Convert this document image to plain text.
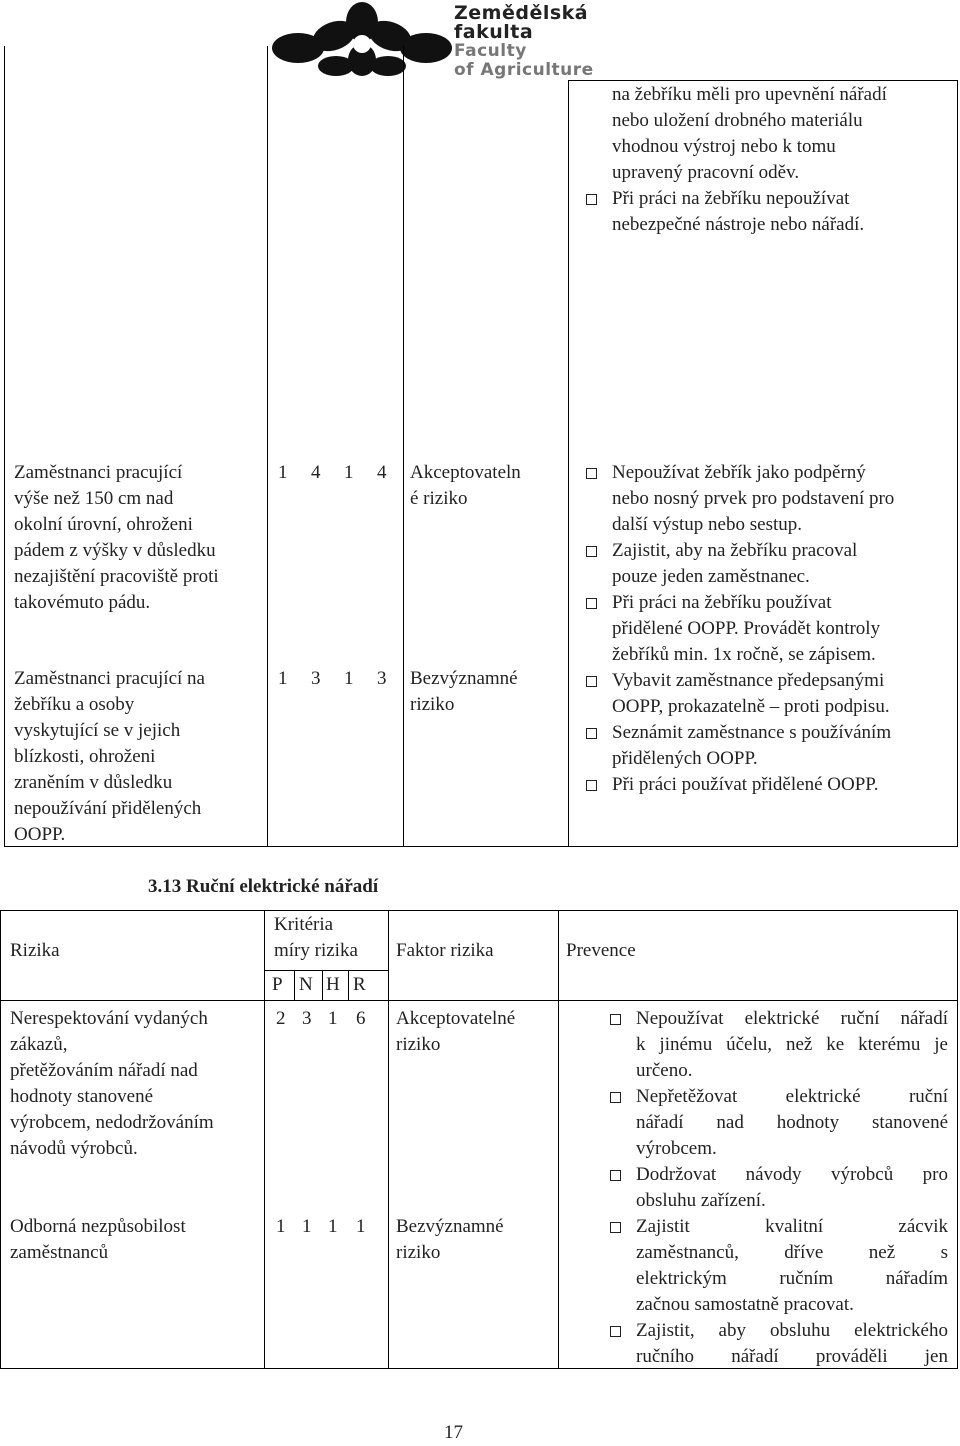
Zemědělská
fakulta
Faculty
of Agriculture
na žebříku měli pro upevnění nářadí
nebo uložení drobného materiálu
vhodnou výstroj nebo k tomu
upravený pracovní oděv.
Při práci na žebříku nepoužívat
nebezpečné nástroje nebo nářadí.
Zaměstnanci pracující
výše než 150 cm nad
okolní úrovní, ohroženi
pádem z výšky v důsledku
nezajištění pracoviště proti
takovémuto pádu.
1 4 1 4 Akceptovateln
é riziko
Zaměstnanci pracující na
žebříku a osoby
vyskytující se v jejich
blízkosti, ohroženi
zraněním v důsledku
nepoužívání přidělených
OOPP.
1 3 1 3 Bezvýznamné
riziko
Nepoužívat žebřík jako podpěrný
nebo nosný prvek pro podstavení pro
další výstup nebo sestup.
Zajistit, aby na žebříku pracoval
pouze jeden zaměstnanec.
Při práci na žebříku používat
přidělené OOPP. Provádět kontroly
žebříků min. 1x ročně, se zápisem.
Vybavit zaměstnance předepsanými
OOPP, prokazatelně – proti podpisu.
Seznámit zaměstnance s používáním
přidělených OOPP.
Při práci používat přidělené OOPP.
3.13 Ruční elektrické nářadí
Rizika
Kritéria
míry rizika
P N H R
Faktor rizika	Prevence
Nerespektování vydaných
zákazů,
přetěžováním nářadí nad
hodnoty stanovené
výrobcem, nedodržováním
návodů výrobců.
2 3 1 6 Akceptovatelné
riziko
Odborná nezpůsobilost
zaměstnanců
1 1 1 1 Bezvýznamné
riziko
Nepoužívat elektrické ruční nářadí
k jinému účelu, než ke kterému je
určeno.
Nepřetěžovat elektrické ruční
nářadí nad hodnoty stanovené
výrobcem.
Dodržovat návody výrobců pro
obsluhu zařízení.
Zajistit kvalitní zácvik
zaměstnanců, dříve než s
elektrickým ručním nářadím
začnou samostatně pracovat.
Zajistit, aby obsluhu elektrického
ručního nářadí prováděli jen
17
